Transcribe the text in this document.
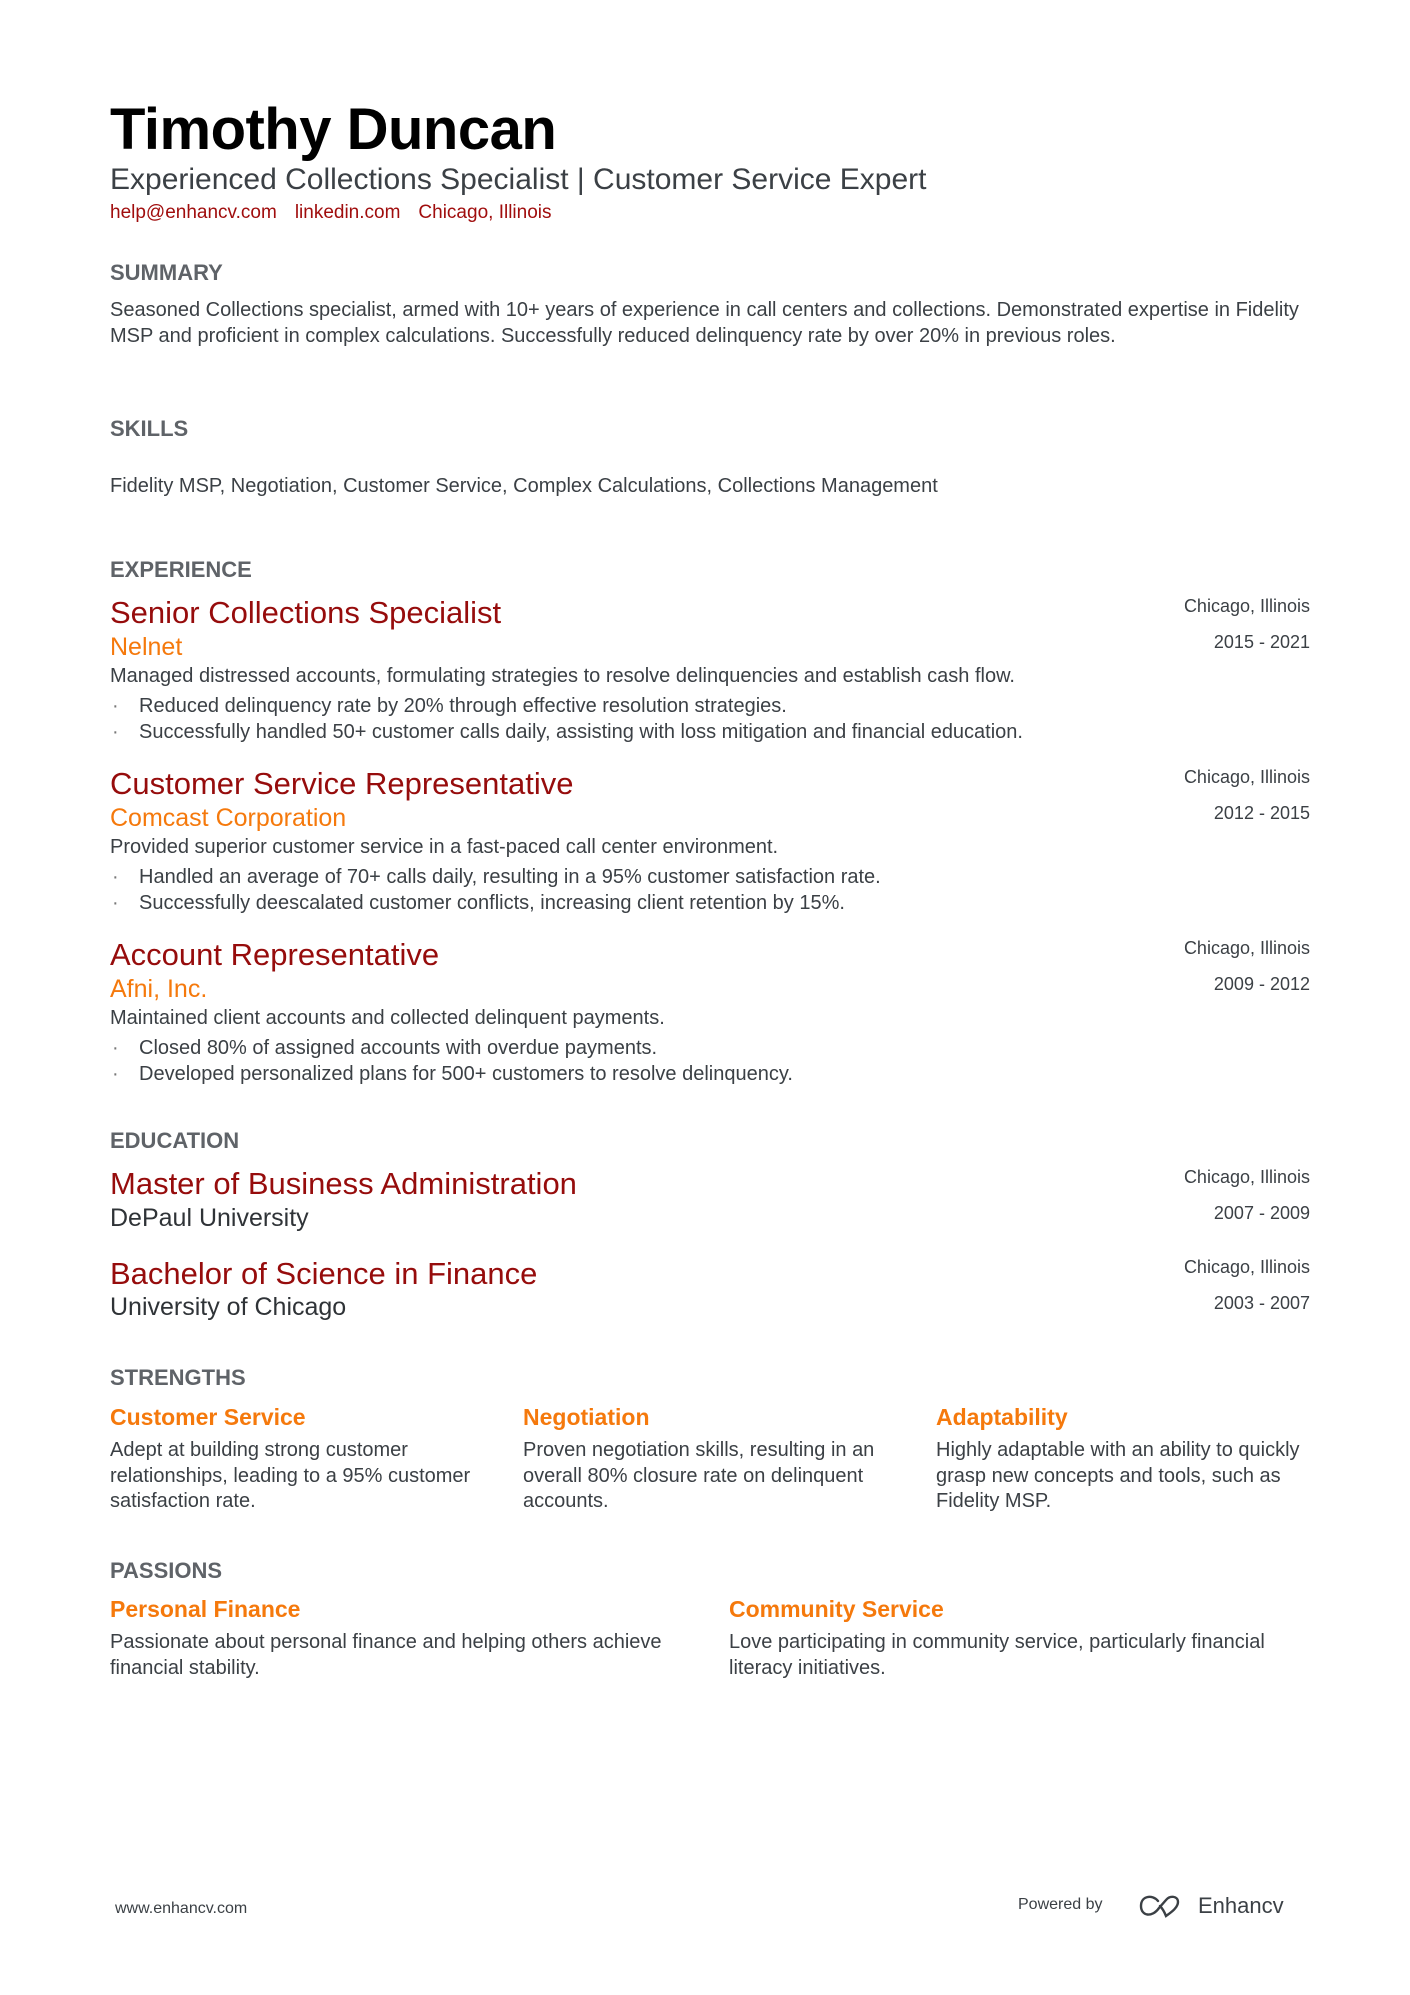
Timothy Duncan
Experienced Collections Specialist | Customer Service Expert
help@enhancv.com linkedin.com Chicago, Illinois
SUMMARY
Seasoned Collections specialist, armed with 10+ years of experience in call centers and collections. Demonstrated expertise in Fidelity MSP and proficient in complex calculations. Successfully reduced delinquency rate by over 20% in previous roles.
SKILLS
Fidelity MSP, Negotiation, Customer Service, Complex Calculations, Collections Management
EXPERIENCE
Senior Collections Specialist
Nelnet
Chicago, Illinois
2015 - 2021
Managed distressed accounts, formulating strategies to resolve delinquencies and establish cash flow.
· Reduced delinquency rate by 20% through effective resolution strategies.
· Successfully handled 50+ customer calls daily, assisting with loss mitigation and financial education.
Customer Service Representative
Comcast Corporation
Chicago, Illinois
2012 - 2015
Provided superior customer service in a fast-paced call center environment.
· Handled an average of 70+ calls daily, resulting in a 95% customer satisfaction rate.
· Successfully deescalated customer conflicts, increasing client retention by 15%.
Account Representative
Afni, Inc.
Chicago, Illinois
2009 - 2012
Maintained client accounts and collected delinquent payments.
· Closed 80% of assigned accounts with overdue payments.
· Developed personalized plans for 500+ customers to resolve delinquency.
EDUCATION
Master of Business Administration
DePaul University
Chicago, Illinois
2007 - 2009
Bachelor of Science in Finance
University of Chicago
Chicago, Illinois
2003 - 2007
STRENGTHS
Customer Service
Adept at building strong customer relationships, leading to a 95% customer satisfaction rate.
Negotiation
Proven negotiation skills, resulting in an overall 80% closure rate on delinquent accounts.
Adaptability
Highly adaptable with an ability to quickly grasp new concepts and tools, such as Fidelity MSP.
PASSIONS
Personal Finance
Passionate about personal finance and helping others achieve financial stability.
Community Service
Love participating in community service, particularly financial literacy initiatives.
www.enhancv.com	Powered by	Enhancv
